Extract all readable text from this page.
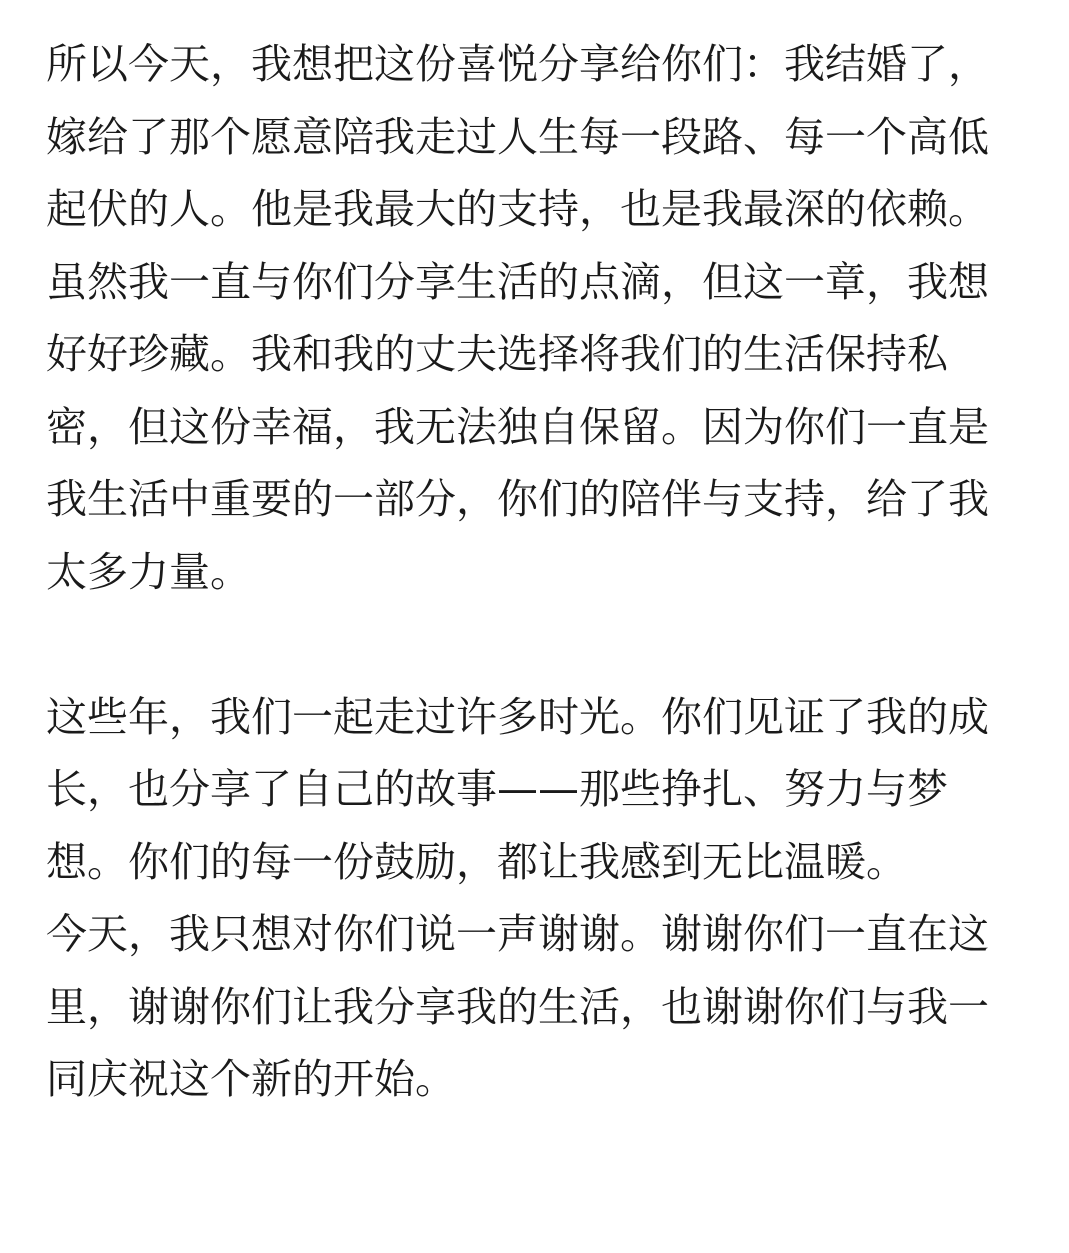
所以今天，我想把这份喜悦分享给你们：我结婚了，嫁给了那个愿意陪我走过人生每一段路、每一个高低起伏的人。他是我最大的支持，也是我最深的依赖。

虽然我一直与你们分享生活的点滴，但这一章，我想好好珍藏。我和我的丈夫选择将我们的生活保持私密，但这份幸福，我无法独自保留。因为你们一直是我生活中重要的一部分，你们的陪伴与支持，给了我太多力量。

这些年，我们一起走过许多时光。你们见证了我的成长，也分享了自己的故事——那些挣扎、努力与梦想。你们的每一份鼓励，都让我感到无比温暖。

今天，我只想对你们说一声谢谢。谢谢你们一直在这里，谢谢你们让我分享我的生活，也谢谢你们与我一同庆祝这个新的开始。
